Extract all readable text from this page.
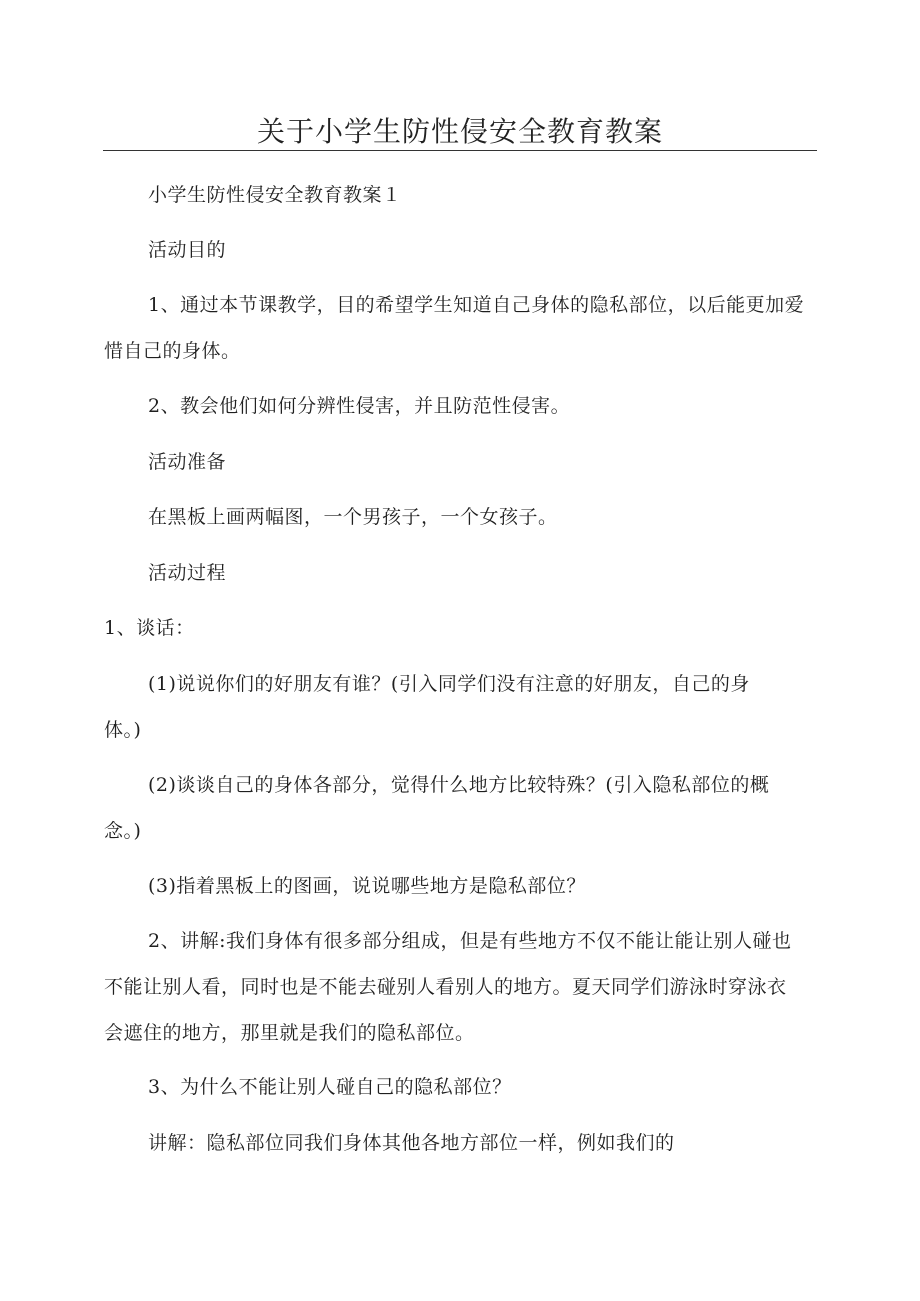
关于小学生防性侵安全教育教案
小学生防性侵安全教育教案１
活动目的
1、通过本节课教学，目的希望学生知道自己身体的隐私部位，以后能更加爱
惜自己的身体。
2、教会他们如何分辨性侵害，并且防范性侵害。
活动准备
在黑板上画两幅图，一个男孩子，一个女孩子。
活动过程
1、谈话：
(1)说说你们的好朋友有谁？(引入同学们没有注意的好朋友，自己的身
体。)
(2)谈谈自己的身体各部分，觉得什么地方比较特殊？(引入隐私部位的概
念。)
(3)指着黑板上的图画，说说哪些地方是隐私部位？
2、讲解:我们身体有很多部分组成，但是有些地方不仅不能让能让别人碰也
不能让别人看，同时也是不能去碰别人看别人的地方。夏天同学们游泳时穿泳衣
会遮住的地方，那里就是我们的隐私部位。
3、为什么不能让别人碰自己的隐私部位？
讲解：隐私部位同我们身体其他各地方部位一样，例如我们的
